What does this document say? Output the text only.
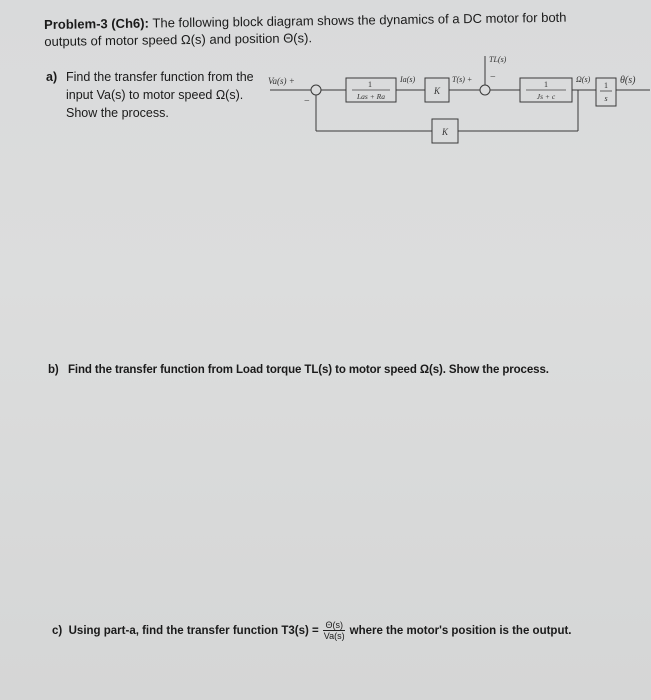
Problem-3 (Ch6): The following block diagram shows the dynamics of a DC motor for both outputs of motor speed Ω(s) and position Θ(s).
a) Find the transfer function from the
input Va(s) to motor speed Ω(s).
Show the process.
Va(s) +
−
1
Las + Ra
Ia(s)
K
T(s) +
TL(s)
−
1
Js + c
Ω(s)
1
s
θ(s)
K
b) Find the transfer function from Load torque TL(s) to motor speed Ω(s). Show the process.
c)
Using part-a, find the transfer function $T3(s) = \frac{\Theta(s)}{Va(s)}$ where the motor's position is the output.
